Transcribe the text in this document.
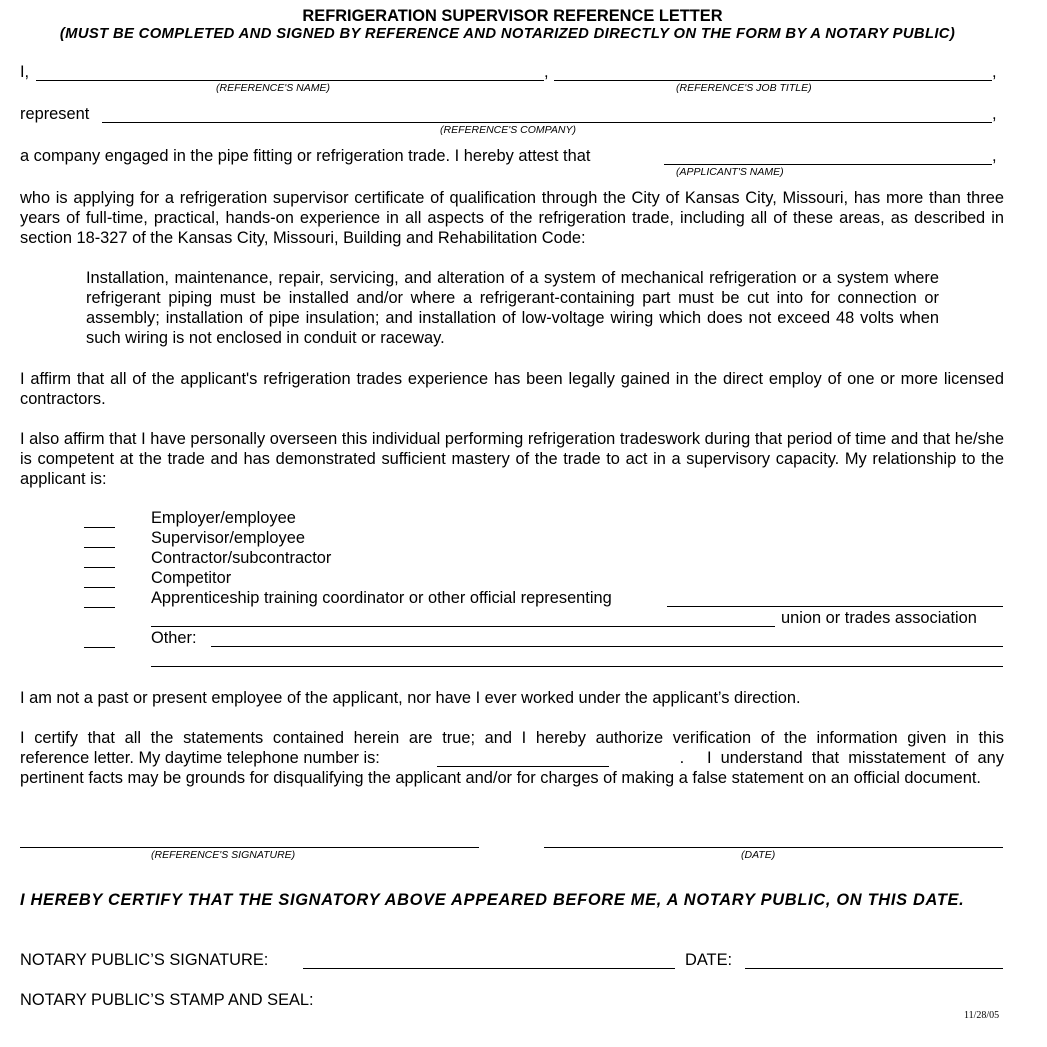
REFRIGERATION SUPERVISOR REFERENCE LETTER
(MUST BE COMPLETED AND SIGNED BY REFERENCE AND NOTARIZED DIRECTLY ON THE FORM BY A NOTARY PUBLIC)
I,	,	,
(REFERENCE'S NAME)	(REFERENCE'S JOB TITLE)
represent	,
(REFERENCE'S COMPANY)
a company engaged in the pipe fitting or refrigeration trade. I hereby attest that	,
(APPLICANT'S NAME)
who is applying for a refrigeration supervisor certificate of qualification through the City of Kansas City, Missouri, has more than three years of full-time, practical, hands-on experience in all aspects of the refrigeration trade, including all of these areas, as described in section 18-327 of the Kansas City, Missouri, Building and Rehabilitation Code:
Installation, maintenance, repair, servicing, and alteration of a system of mechanical refrigeration or a system where refrigerant piping must be installed and/or where a refrigerant-containing part must be cut into for connection or assembly; installation of pipe insulation; and installation of low-voltage wiring which does not exceed 48 volts when such wiring is not enclosed in conduit or raceway.
I affirm that all of the applicant's refrigeration trades experience has been legally gained in the direct employ of one or more licensed contractors.
I also affirm that I have personally overseen this individual performing refrigeration tradeswork during that period of time and that he/she is competent at the trade and has demonstrated sufficient mastery of the trade to act in a supervisory capacity. My relationship to the applicant is:
Employer/employee
Supervisor/employee
Contractor/subcontractor
Competitor
Apprenticeship training coordinator or other official representing
union or trades association
Other:
I am not a past or present employee of the applicant, nor have I ever worked under the applicant’s direction.
I certify that all the statements contained herein are true; and I hereby authorize verification of the information given in this
reference letter. My daytime telephone number is:	.     I  understand  that  misstatement  of  any
pertinent facts may be grounds for disqualifying the applicant and/or for charges of making a false statement on an official document.
(REFERENCE'S SIGNATURE)	(DATE)
I HEREBY CERTIFY THAT THE SIGNATORY ABOVE APPEARED BEFORE ME, A NOTARY PUBLIC, ON THIS DATE.
NOTARY PUBLIC’S SIGNATURE:	DATE:
NOTARY PUBLIC’S STAMP AND SEAL:
11/28/05
